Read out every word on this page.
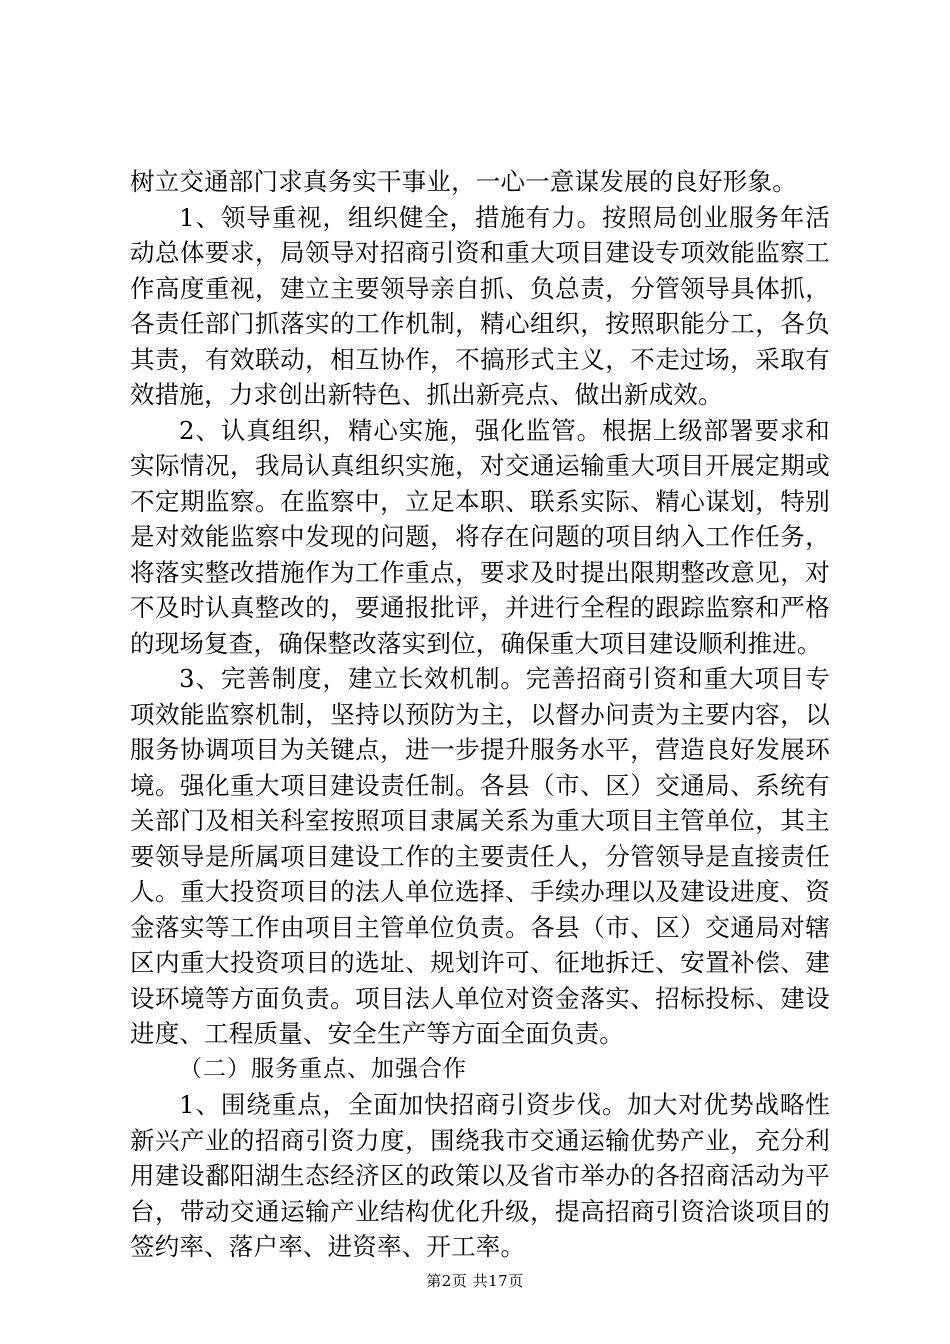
树立交通部门求真务实干事业，一心一意谋发展的良好形象。

1、领导重视，组织健全，措施有力。按照局创业服务年活动总体要求，局领导对招商引资和重大项目建设专项效能监察工作高度重视，建立主要领导亲自抓、负总责，分管领导具体抓，各责任部门抓落实的工作机制，精心组织，按照职能分工，各负其责，有效联动，相互协作，不搞形式主义，不走过场，采取有效措施，力求创出新特色、抓出新亮点、做出新成效。

2、认真组织，精心实施，强化监管。根据上级部署要求和实际情况，我局认真组织实施，对交通运输重大项目开展定期或不定期监察。在监察中，立足本职、联系实际、精心谋划，特别是对效能监察中发现的问题，将存在问题的项目纳入工作任务，将落实整改措施作为工作重点，要求及时提出限期整改意见，对不及时认真整改的，要通报批评，并进行全程的跟踪监察和严格的现场复查，确保整改落实到位，确保重大项目建设顺利推进。

3、完善制度，建立长效机制。完善招商引资和重大项目专项效能监察机制，坚持以预防为主，以督办问责为主要内容，以服务协调项目为关键点，进一步提升服务水平，营造良好发展环境。强化重大项目建设责任制。各县（市、区）交通局、系统有关部门及相关科室按照项目隶属关系为重大项目主管单位，其主要领导是所属项目建设工作的主要责任人，分管领导是直接责任人。重大投资项目的法人单位选择、手续办理以及建设进度、资金落实等工作由项目主管单位负责。各县（市、区）交通局对辖区内重大投资项目的选址、规划许可、征地拆迁、安置补偿、建设环境等方面负责。项目法人单位对资金落实、招标投标、建设进度、工程质量、安全生产等方面全面负责。

（二）服务重点、加强合作

1、围绕重点，全面加快招商引资步伐。加大对优势战略性新兴产业的招商引资力度，围绕我市交通运输优势产业，充分利用建设鄱阳湖生态经济区的政策以及省市举办的各招商活动为平台，带动交通运输产业结构优化升级，提高招商引资洽谈项目的签约率、落户率、进资率、开工率。

第2页 共17页
